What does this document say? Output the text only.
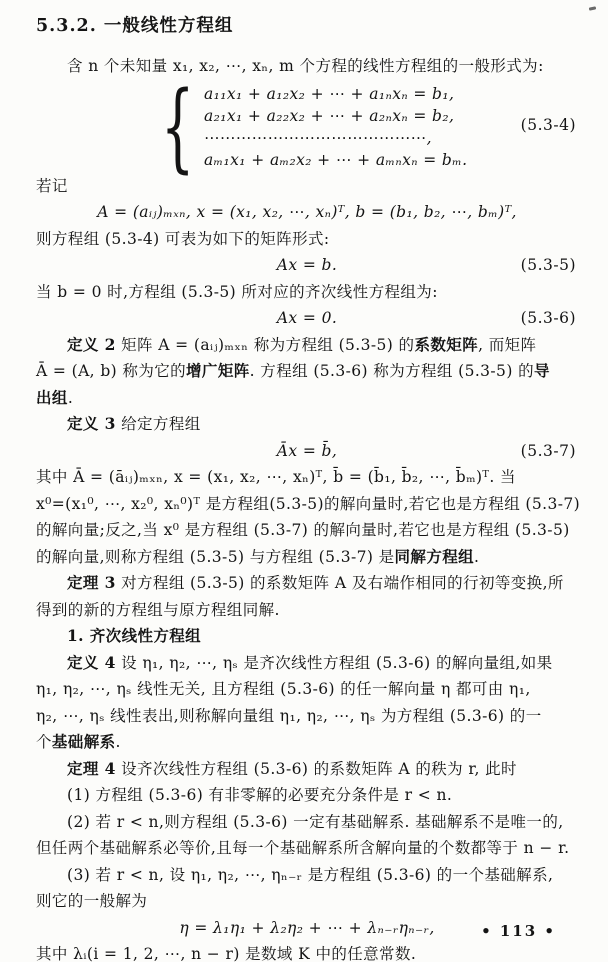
5.3.2. 一般线性方程组
含 n 个未知量 x₁, x₂, ⋯, xₙ, m 个方程的线性方程组的一般形式为:
{ a₁₁x₁ + a₁₂x₂ + ⋯ + a₁ₙxₙ = b₁,
a₂₁x₁ + a₂₂x₂ + ⋯ + a₂ₙxₙ = b₂,
⋯⋯⋯⋯⋯⋯⋯⋯⋯⋯⋯⋯⋯⋯,
aₘ₁x₁ + aₘ₂x₂ + ⋯ + aₘₙxₙ = bₘ.
(5.3-4)
若记
A = (aᵢⱼ)ₘₓₙ, x = (x₁, x₂, ⋯, xₙ)ᵀ, b = (b₁, b₂, ⋯, bₘ)ᵀ,
则方程组 (5.3-4) 可表为如下的矩阵形式:
Ax = b.	(5.3-5)
当 b = 0 时,方程组 (5.3-5) 所对应的齐次线性方程组为:
Ax = 0.	(5.3-6)
定义 2 矩阵 A = (aᵢⱼ)ₘₓₙ 称为方程组 (5.3-5) 的系数矩阵, 而矩阵
Ā = (A, b) 称为它的增广矩阵. 方程组 (5.3-6) 称为方程组 (5.3-5) 的导
出组.
定义 3 给定方程组
Āx = b̄,	(5.3-7)
其中 Ā = (āᵢⱼ)ₘₓₙ, x = (x₁, x₂, ⋯, xₙ)ᵀ, b̄ = (b̄₁, b̄₂, ⋯, b̄ₘ)ᵀ. 当
x⁰=(x₁⁰, ⋯, x₂⁰, xₙ⁰)ᵀ 是方程组(5.3-5)的解向量时,若它也是方程组 (5.3-7)
的解向量;反之,当 x⁰ 是方程组 (5.3-7) 的解向量时,若它也是方程组 (5.3-5)
的解向量,则称方程组 (5.3-5) 与方程组 (5.3-7) 是同解方程组.
定理 3 对方程组 (5.3-5) 的系数矩阵 A 及右端作相同的行初等变换,所
得到的新的方程组与原方程组同解.
1. 齐次线性方程组
定义 4 设 η₁, η₂, ⋯, ηₛ 是齐次线性方程组 (5.3-6) 的解向量组,如果
η₁, η₂, ⋯, ηₛ 线性无关, 且方程组 (5.3-6) 的任一解向量 η 都可由 η₁,
η₂, ⋯, ηₛ 线性表出,则称解向量组 η₁, η₂, ⋯, ηₛ 为方程组 (5.3-6) 的一
个基础解系.
定理 4 设齐次线性方程组 (5.3-6) 的系数矩阵 A 的秩为 r, 此时
(1) 方程组 (5.3-6) 有非零解的必要充分条件是 r < n.
(2) 若 r < n,则方程组 (5.3-6) 一定有基础解系. 基础解系不是唯一的,
但任两个基础解系必等价,且每一个基础解系所含解向量的个数都等于 n − r.
(3) 若 r < n, 设 η₁, η₂, ⋯, ηₙ₋ᵣ 是方程组 (5.3-6) 的一个基础解系,
则它的一般解为
η = λ₁η₁ + λ₂η₂ + ⋯ + λₙ₋ᵣηₙ₋ᵣ,
其中 λᵢ(i = 1, 2, ⋯, n − r) 是数域 K 中的任意常数.
• 113 •
